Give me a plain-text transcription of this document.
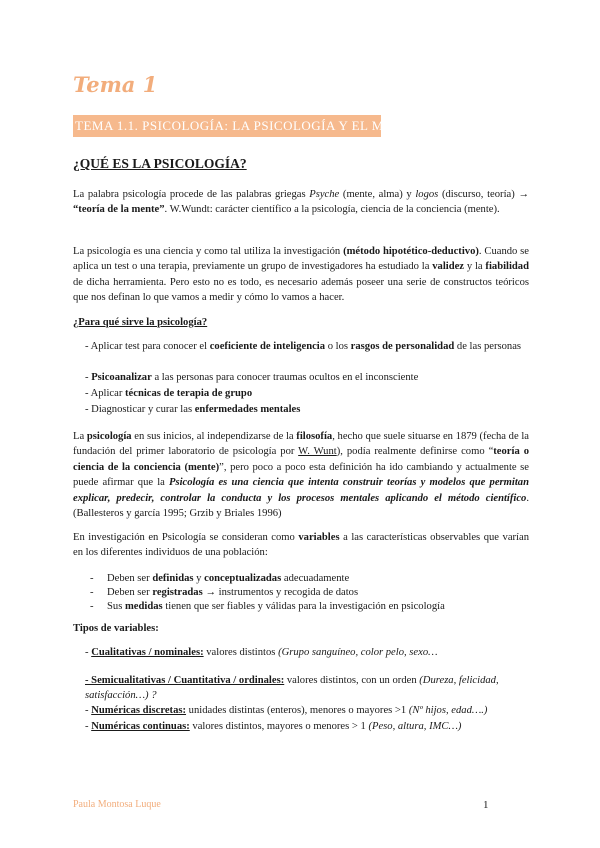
Tema 1
TEMA 1.1. PSICOLOGÍA: LA PSICOLOGÍA Y EL MÉTODO CIENTÍFICO
¿QUÉ ES LA PSICOLOGÍA?
La palabra psicología procede de las palabras griegas Psyche (mente, alma) y logos (discurso, teoría) → “teoría de la mente”. W.Wundt: carácter científico a la psicología, ciencia de la conciencia (mente).
La psicología es una ciencia y como tal utiliza la investigación (método hipotético-deductivo). Cuando se aplica un test o una terapia, previamente un grupo de investigadores ha estudiado la validez y la fiabilidad de dicha herramienta. Pero esto no es todo, es necesario además poseer una serie de constructos teóricos que nos definan lo que vamos a medir y cómo lo vamos a hacer.
¿Para qué sirve la psicología?
- Aplicar test para conocer el coeficiente de inteligencia o los rasgos de personalidad de las personas
- Psicoanalizar a las personas para conocer traumas ocultos en el inconsciente
- Aplicar técnicas de terapia de grupo
- Diagnosticar y curar las enfermedades mentales
La psicología en sus inicios, al independizarse de la filosofía, hecho que suele situarse en 1879 (fecha de la fundación del primer laboratorio de psicología por W. Wunt), podía realmente definirse como “teoría o ciencia de la conciencia (mente)”, pero poco a poco esta definición ha ido cambiando y actualmente se puede afirmar que la Psicología es una ciencia que intenta construir teorías y modelos que permitan explicar, predecir, controlar la conducta y los procesos mentales aplicando el método científico. (Ballesteros y garcía 1995; Grzib y Briales 1996)
En investigación en Psicología se consideran como variables a las características observables que varían en los diferentes individuos de una población:
- Deben ser definidas y conceptualizadas adecuadamente
- Deben ser registradas → instrumentos y recogida de datos
- Sus medidas tienen que ser fiables y válidas para la investigación en psicología
Tipos de variables:
- Cualitativas / nominales: valores distintos (Grupo sanguíneo, color pelo, sexo…
- Semicualitativas / Cuantitativa / ordinales: valores distintos, con un orden (Dureza, felicidad, satisfacción…) ?
- Numéricas discretas: unidades distintas (enteros), menores o mayores >1 (Nº hijos, edad….)
- Numéricas continuas: valores distintos, mayores o menores > 1 (Peso, altura, IMC…)
Paula Montosa Luque	1
